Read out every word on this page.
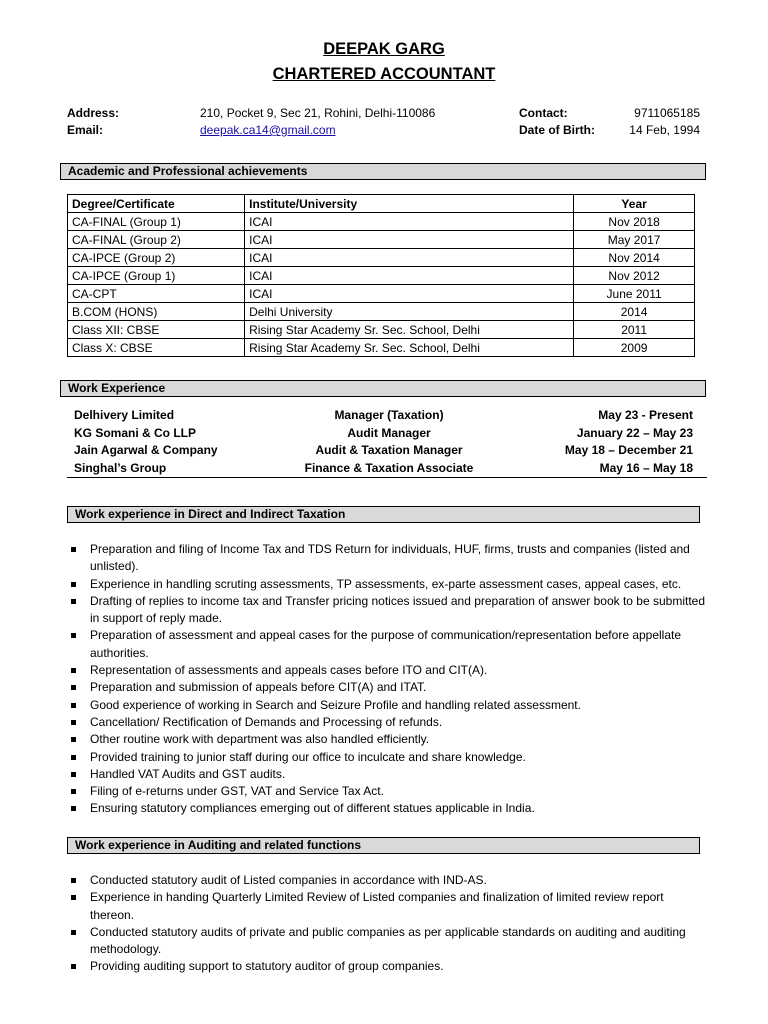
DEEPAK GARG
CHARTERED ACCOUNTANT
Address:	210, Pocket 9, Sec 21, Rohini, Delhi-110086
Email:	deepak.ca14@gmail.com
Contact:	9711065185
Date of Birth:	14 Feb, 1994
Academic and Professional achievements
Degree/Certificate	Institute/University	Year
CA-FINAL (Group 1)	ICAI	Nov 2018
CA-FINAL (Group 2)	ICAI	May 2017
CA-IPCE (Group 2)	ICAI	Nov 2014
CA-IPCE (Group 1)	ICAI	Nov 2012
CA-CPT	ICAI	June 2011
B.COM (HONS)	Delhi University	2014
Class XII: CBSE	Rising Star Academy Sr. Sec. School, Delhi	2011
Class X: CBSE	Rising Star Academy Sr. Sec. School, Delhi	2009
Work Experience
Delhivery Limited	Manager (Taxation)	May 23 - Present
KG Somani & Co LLP	Audit Manager	January 22 – May 23
Jain Agarwal & Company	Audit & Taxation Manager	May 18 – December 21
Singhal’s Group	Finance & Taxation Associate	May 16 – May 18
Work experience in Direct and Indirect Taxation
Preparation and filing of Income Tax and TDS Return for individuals, HUF, firms, trusts and companies (listed and unlisted).
Experience in handling scruting assessments, TP assessments, ex-parte assessment cases, appeal cases, etc.
Drafting of replies to income tax and Transfer pricing notices issued and preparation of answer book to be submitted in support of reply made.
Preparation of assessment and appeal cases for the purpose of communication/representation before appellate authorities.
Representation of assessments and appeals cases before ITO and CIT(A).
Preparation and submission of appeals before CIT(A) and ITAT.
Good experience of working in Search and Seizure Profile and handling related assessment.
Cancellation/ Rectification of Demands and Processing of refunds.
Other routine work with department was also handled efficiently.
Provided training to junior staff during our office to inculcate and share knowledge.
Handled VAT Audits and GST audits.
Filing of e-returns under GST, VAT and Service Tax Act.
Ensuring statutory compliances emerging out of different statues applicable in India.
Work experience in Auditing and related functions
Conducted statutory audit of Listed companies in accordance with IND-AS.
Experience in handing Quarterly Limited Review of Listed companies and finalization of limited review report thereon.
Conducted statutory audits of private and public companies as per applicable standards on auditing and auditing methodology.
Providing auditing support to statutory auditor of group companies.
